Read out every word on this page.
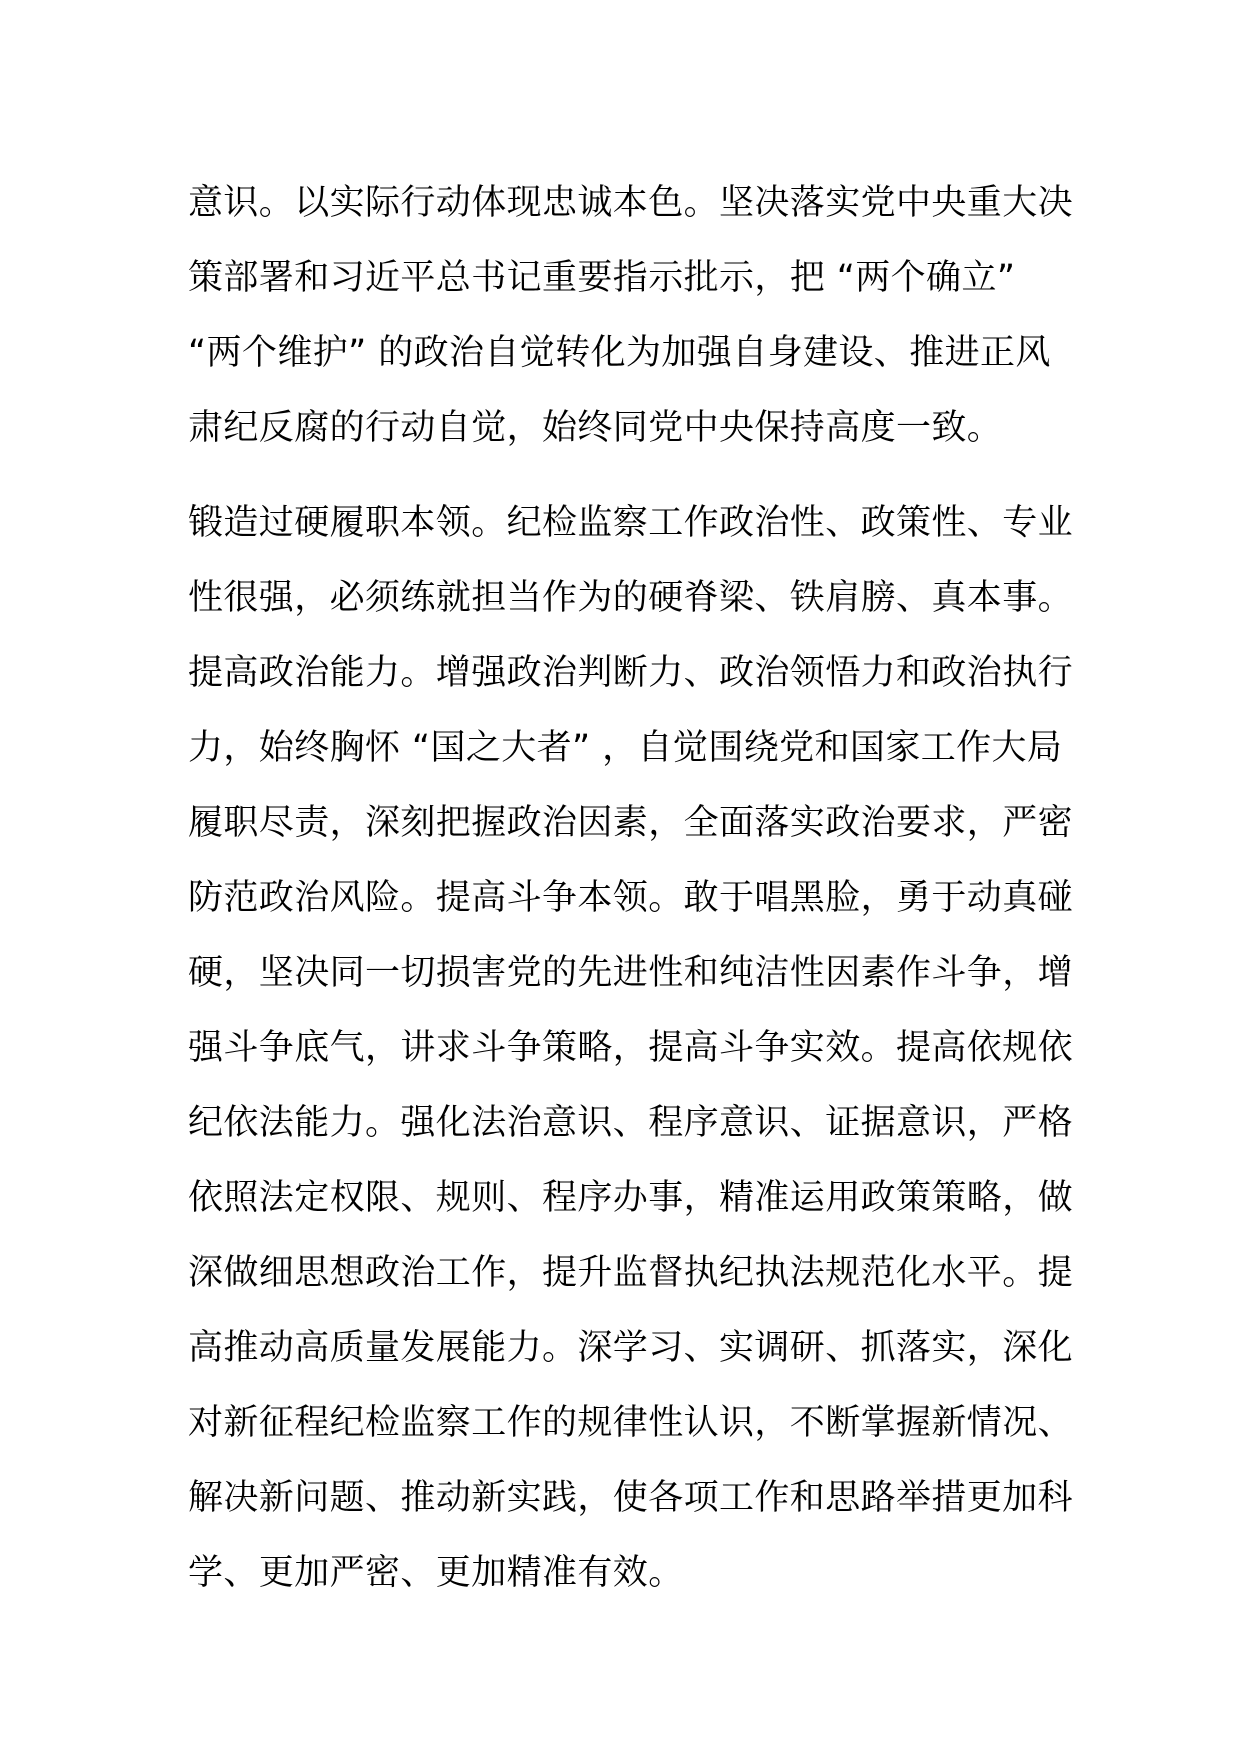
意识。以实际行动体现忠诚本色。坚决落实党中央重大决
策部署和习近平总书记重要指示批示，把 “两个确立”
“两个维护” 的政治自觉转化为加强自身建设、推进正风
肃纪反腐的行动自觉，始终同党中央保持高度一致。
锻造过硬履职本领。纪检监察工作政治性、政策性、专业
性很强，必须练就担当作为的硬脊梁、铁肩膀、真本事。
提高政治能力。增强政治判断力、政治领悟力和政治执行
力，始终胸怀 “国之大者” ，自觉围绕党和国家工作大局
履职尽责，深刻把握政治因素，全面落实政治要求，严密
防范政治风险。提高斗争本领。敢于唱黑脸，勇于动真碰
硬，坚决同一切损害党的先进性和纯洁性因素作斗争，增
强斗争底气，讲求斗争策略，提高斗争实效。提高依规依
纪依法能力。强化法治意识、程序意识、证据意识，严格
依照法定权限、规则、程序办事，精准运用政策策略，做
深做细思想政治工作，提升监督执纪执法规范化水平。提
高推动高质量发展能力。深学习、实调研、抓落实，深化
对新征程纪检监察工作的规律性认识，不断掌握新情况、
解决新问题、推动新实践，使各项工作和思路举措更加科
学、更加严密、更加精准有效。
